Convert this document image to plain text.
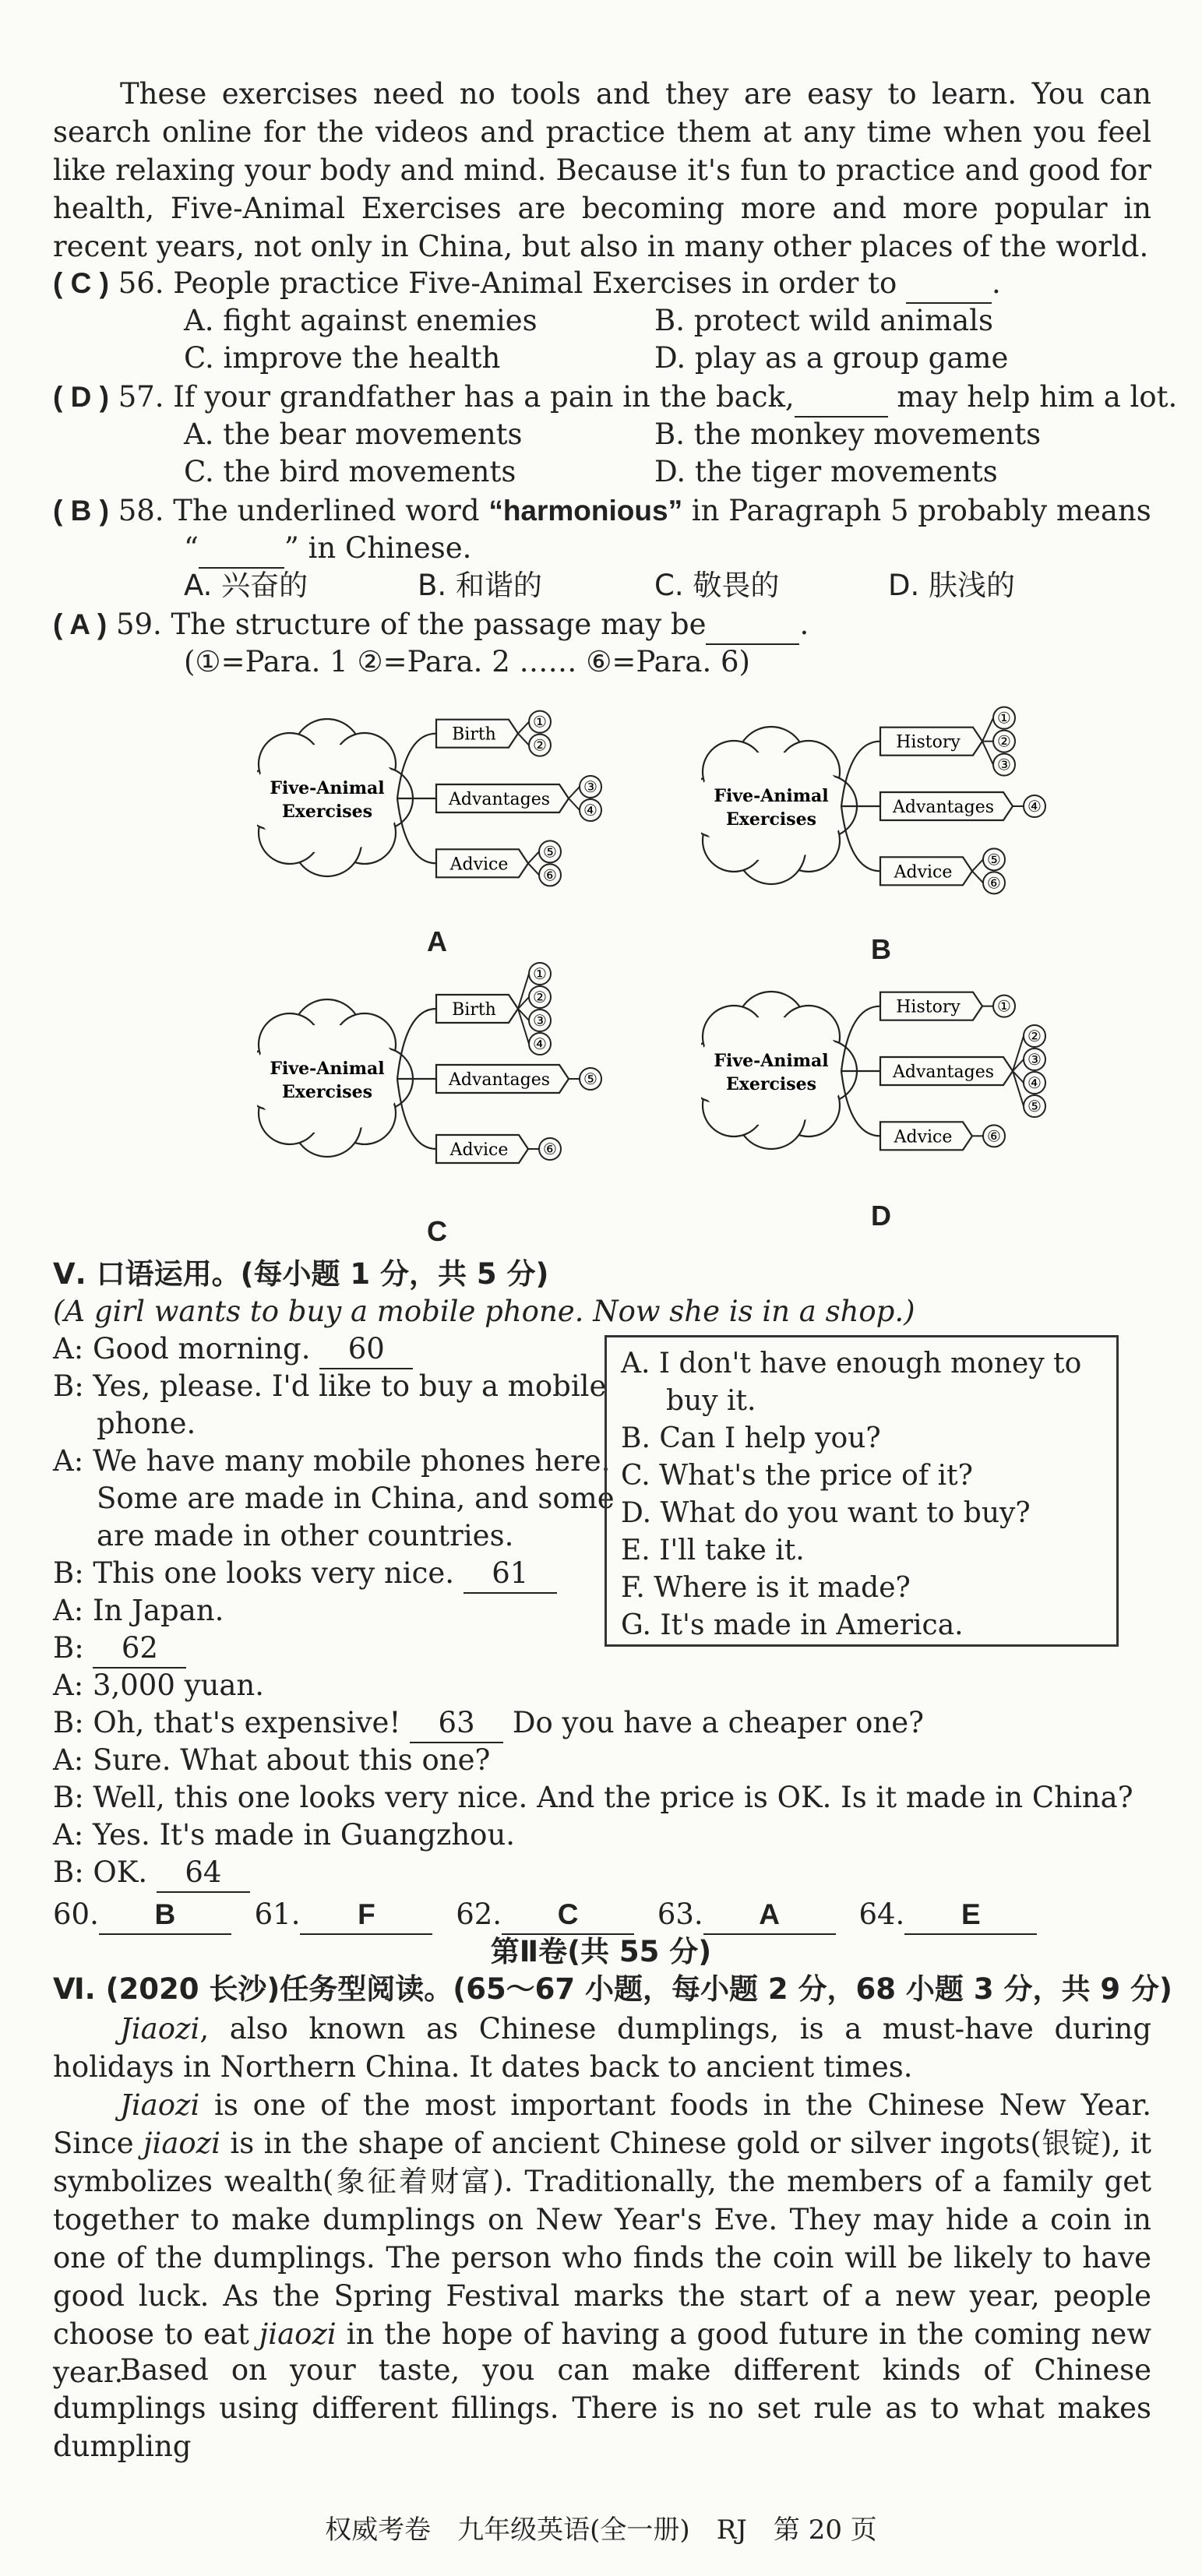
These exercises need no tools and they are easy to learn. You can search online for the videos and practice them at any time when you feel like relaxing your body and mind. Because it's fun to practice and good for health, Five-Animal Exercises are becoming more and more popular in recent years, not only in China, but also in many other places of the world.

( C ) 56. People practice Five-Animal Exercises in order to	.
A. fight against enemies	B. protect wild animals
C. improve the health	D. play as a group game
( D ) 57. If your grandfather has a pain in the back,	may help him a lot.
A. the bear movements	B. the monkey movements
C. the bird movements	D. the tiger movements
( B ) 58. The underlined word “harmonious” in Paragraph 5 probably means
“	” in Chinese.
A. 兴奋的	B. 和谐的	C. 敬畏的	D. 肤浅的
( A ) 59. The structure of the passage may be	.
(①=Para. 1 ②=Para. 2 …… ⑥=Para. 6)
Five-Animal
Exercises
Birth
①
②
Advantages
③
④
Advice
⑤
⑥
A
Five-Animal
Exercises
History
①
②
③
Advantages ④
Advice
⑤
⑥
B
Five-Animal
Exercises
Birth
①
②
③
④
Advantages ⑤
Advice ⑥
C
Five-Animal
Exercises
History ①
Advantages
②
③
④
⑤
Advice ⑥
D
Ⅴ. 口语运用。(每小题 1 分，共 5 分)
(A girl wants to buy a mobile phone. Now she is in a shop.)
A: Good morning. 60
B: Yes, please. I'd like to buy a mobile
phone.
A: We have many mobile phones here.
Some are made in China, and some
are made in other countries.
B: This one looks very nice. 61
A: In Japan.
B: 62
A: 3,000 yuan.
B: Oh, that's expensive! 63 Do you have a cheaper one?
A: Sure. What about this one?
B: Well, this one looks very nice. And the price is OK. Is it made in China?
A: Yes. It's made in Guangzhou.
B: OK. 64
A. I don't have enough money to
buy it.
B. Can I help you?
C. What's the price of it?
D. What do you want to buy?
E. I'll take it.
F. Where is it made?
G. It's made in America.
60. B	61. F	62. C	63. A	64. E
第Ⅱ卷(共 55 分)
Ⅵ. (2020 长沙)任务型阅读。(65～67 小题，每小题 2 分，68 小题 3 分，共 9 分)

Jiaozi, also known as Chinese dumplings, is a must-have during holidays in Northern China. It dates back to ancient times.

Jiaozi is one of the most important foods in the Chinese New Year. Since jiaozi is in the shape of ancient Chinese gold or silver ingots(银锭), it symbolizes wealth(象征着财富). Traditionally, the members of a family get together to make dumplings on New Year's Eve. They may hide a coin in one of the dumplings. The person who finds the coin will be likely to have good luck. As the Spring Festival marks the start of a new year, people choose to eat jiaozi in the hope of having a good future in the coming new year.

Based on your taste, you can make different kinds of Chinese dumplings using different fillings. There is no set rule as to what makes dumpling

权威考卷　九年级英语(全一册)　RJ　第 20 页
